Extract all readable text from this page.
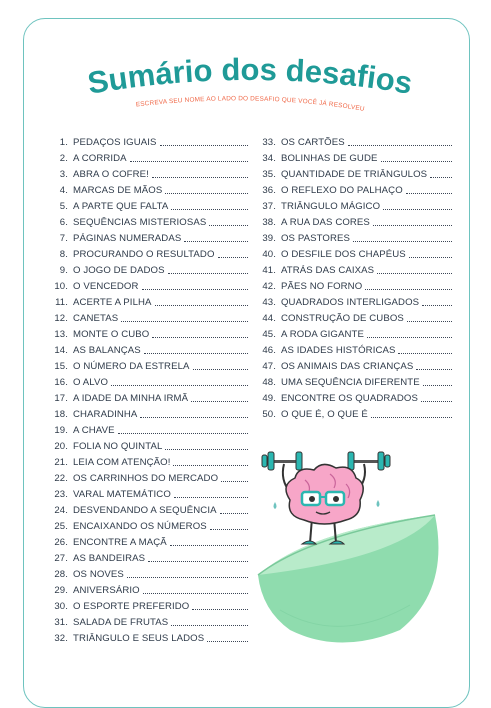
Sumário dos desafios
ESCREVA SEU NOME AO LADO DO DESAFIO QUE VOCÊ JÁ RESOLVEU
1. PEDAÇOS IGUAIS
2. A CORRIDA
3. ABRA O COFRE!
4. MARCAS DE MÃOS
5. A PARTE QUE FALTA
6. SEQUÊNCIAS MISTERIOSAS
7. PÁGINAS NUMERADAS
8. PROCURANDO O RESULTADO
9. O JOGO DE DADOS
10. O VENCEDOR
11. ACERTE A PILHA
12. CANETAS
13. MONTE O CUBO
14. AS BALANÇAS
15. O NÚMERO DA ESTRELA
16. O ALVO
17. A IDADE DA MINHA IRMÃ
18. CHARADINHA
19. A CHAVE
20. FOLIA NO QUINTAL
21. LEIA COM ATENÇÃO!
22. OS CARRINHOS DO MERCADO
23. VARAL MATEMÁTICO
24. DESVENDANDO A SEQUÊNCIA
25. ENCAIXANDO OS NÚMEROS
26. ENCONTRE A MAÇÃ
27. AS BANDEIRAS
28. OS NOVES
29. ANIVERSÁRIO
30. O ESPORTE PREFERIDO
31. SALADA DE FRUTAS
32. TRIÂNGULO E SEUS LADOS
33. OS CARTÕES
34. BOLINHAS DE GUDE
35. QUANTIDADE DE TRIÂNGULOS
36. O REFLEXO DO PALHAÇO
37. TRIÂNGULO MÁGICO
38. A RUA DAS CORES
39. OS PASTORES
40. O DESFILE DOS CHAPÉUS
41. ATRÁS DAS CAIXAS
42. PÃES NO FORNO
43. QUADRADOS INTERLIGADOS
44. CONSTRUÇÃO DE CUBOS
45. A RODA GIGANTE
46. AS IDADES HISTÓRICAS
47. OS ANIMAIS DAS CRIANÇAS
48. UMA SEQUÊNCIA DIFERENTE
49. ENCONTRE OS QUADRADOS
50. O QUE É, O QUE É
